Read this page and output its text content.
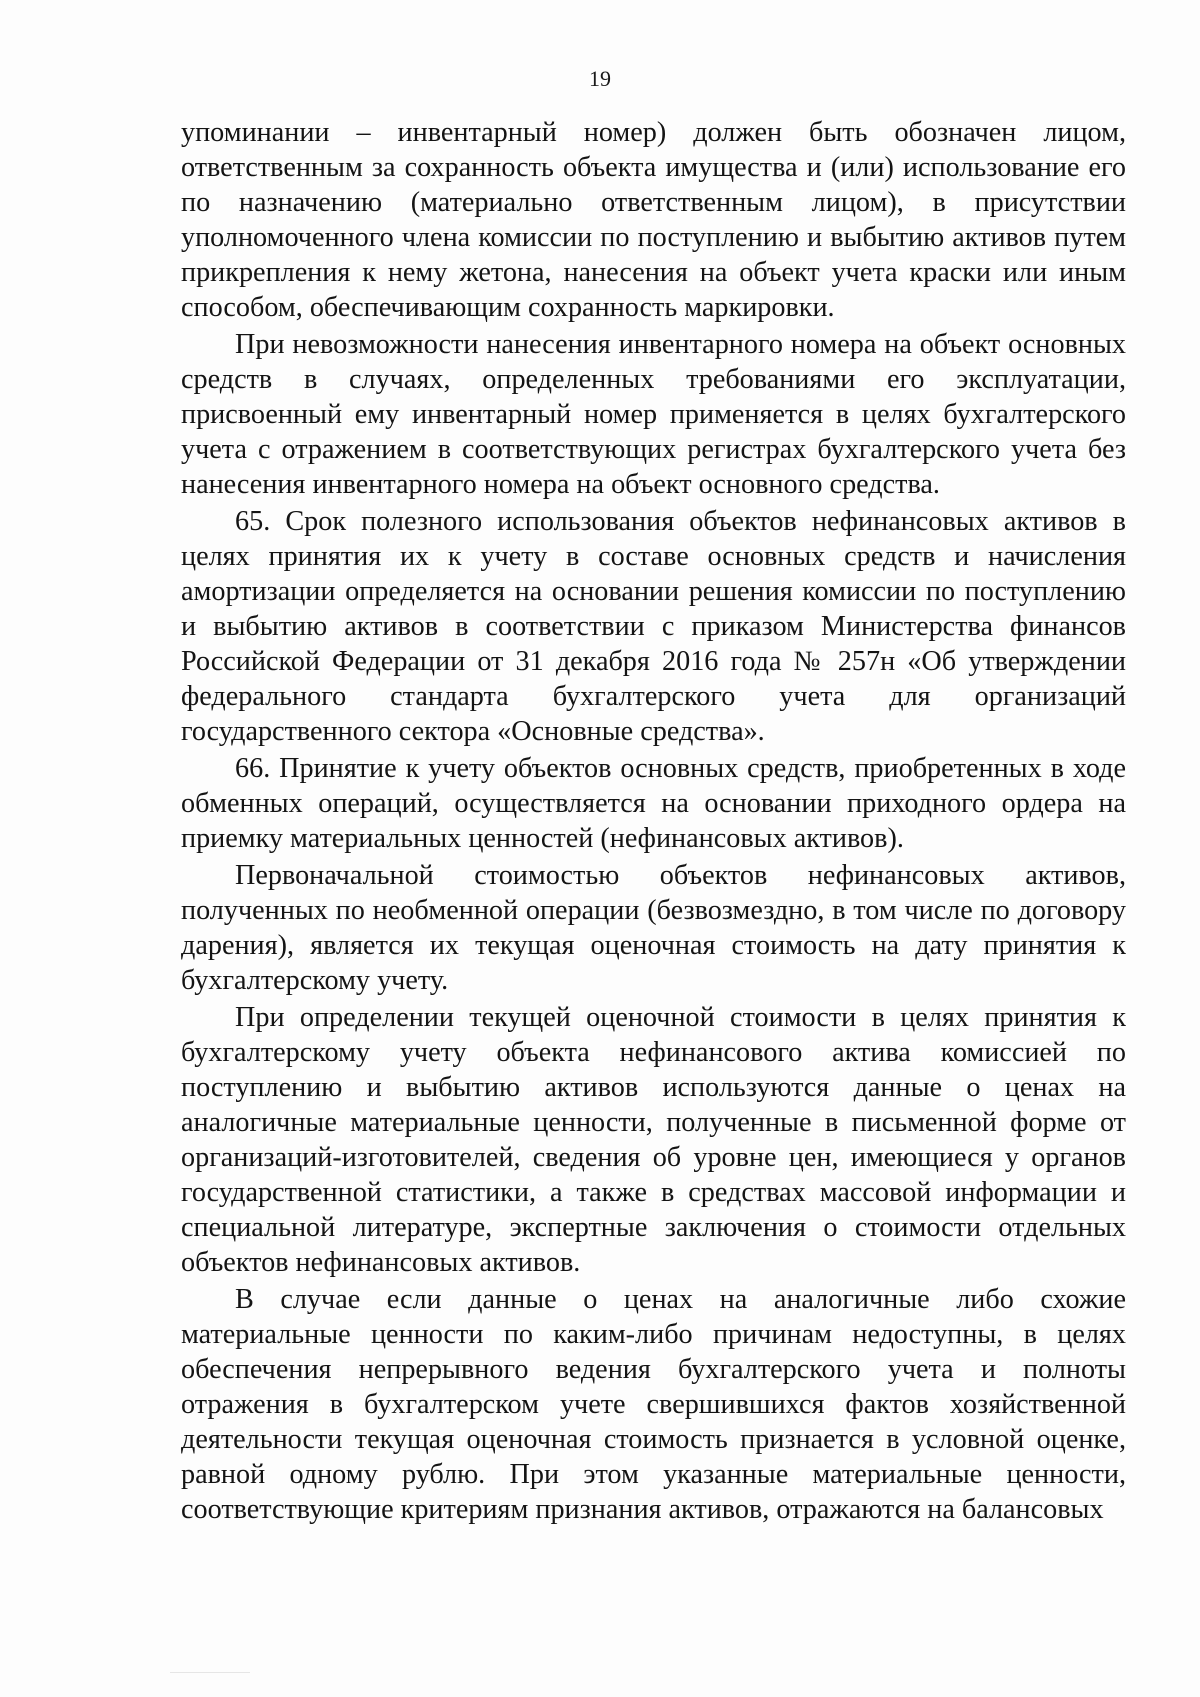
19

упоминании – инвентарный номер) должен быть обозначен лицом, ответственным за сохранность объекта имущества и (или) использование его по назначению (материально ответственным лицом), в присутствии уполномоченного члена комиссии по поступлению и выбытию активов путем прикрепления к нему жетона, нанесения на объект учета краски или иным способом, обеспечивающим сохранность маркировки.

При невозможности нанесения инвентарного номера на объект основных средств в случаях, определенных требованиями его эксплуатации, присвоенный ему инвентарный номер применяется в целях бухгалтерского учета с отражением в соответствующих регистрах бухгалтерского учета без нанесения инвентарного номера на объект основного средства.

65. Срок полезного использования объектов нефинансовых активов в целях принятия их к учету в составе основных средств и начисления амортизации определяется на основании решения комиссии по поступлению и выбытию активов в соответствии с приказом Министерства финансов Российской Федерации от 31 декабря 2016 года № 257н «Об утверждении федерального стандарта бухгалтерского учета для организаций государственного сектора «Основные средства».

66. Принятие к учету объектов основных средств, приобретенных в ходе обменных операций, осуществляется на основании приходного ордера на приемку материальных ценностей (нефинансовых активов).

Первоначальной стоимостью объектов нефинансовых активов, полученных по необменной операции (безвозмездно, в том числе по договору дарения), является их текущая оценочная стоимость на дату принятия к бухгалтерскому учету.

При определении текущей оценочной стоимости в целях принятия к бухгалтерскому учету объекта нефинансового актива комиссией по поступлению и выбытию активов используются данные о ценах на аналогичные материальные ценности, полученные в письменной форме от организаций-изготовителей, сведения об уровне цен, имеющиеся у органов государственной статистики, а также в средствах массовой информации и специальной литературе, экспертные заключения о стоимости отдельных объектов нефинансовых активов.

В случае если данные о ценах на аналогичные либо схожие материальные ценности по каким-либо причинам недоступны, в целях обеспечения непрерывного ведения бухгалтерского учета и полноты отражения в бухгалтерском учете свершившихся фактов хозяйственной деятельности текущая оценочная стоимость признается в условной оценке, равной одному рублю. При этом указанные материальные ценности, соответствующие критериям признания активов, отражаются на балансовых
